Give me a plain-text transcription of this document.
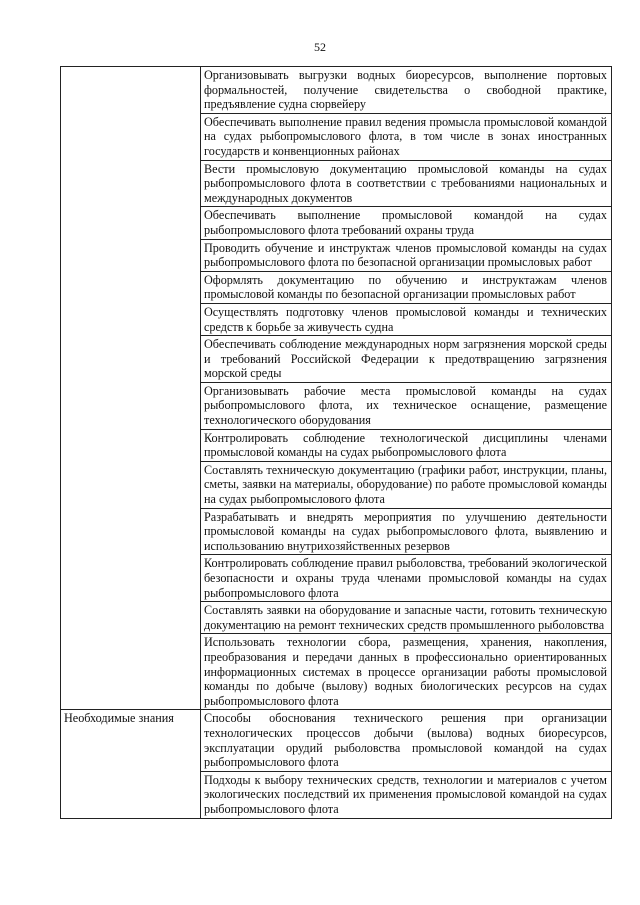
52
	Организовывать выгрузки водных биоресурсов, выполнение портовых формальностей, получение свидетельства о свободной практике, предъявление судна сюрвейеру
	Обеспечивать выполнение правил ведения промысла промысловой командой на судах рыбопромыслового флота, в том числе в зонах иностранных государств и конвенционных районах
	Вести промысловую документацию промысловой команды на судах рыбопромыслового флота в соответствии с требованиями национальных и международных документов
	Обеспечивать выполнение промысловой командой на судах рыбопромыслового флота требований охраны труда
	Проводить обучение и инструктаж членов промысловой команды на судах рыбопромыслового флота по безопасной организации промысловых работ
	Оформлять документацию по обучению и инструктажам членов промысловой команды по безопасной организации промысловых работ
	Осуществлять подготовку членов промысловой команды и технических средств к борьбе за живучесть судна
	Обеспечивать соблюдение международных норм загрязнения морской среды и требований Российской Федерации к предотвращению загрязнения морской среды
	Организовывать рабочие места промысловой команды на судах рыбопромыслового флота, их техническое оснащение, размещение технологического оборудования
	Контролировать соблюдение технологической дисциплины членами промысловой команды на судах рыбопромыслового флота
	Составлять техническую документацию (графики работ, инструкции, планы, сметы, заявки на материалы, оборудование) по работе промысловой команды на судах рыбопромыслового флота
	Разрабатывать и внедрять мероприятия по улучшению деятельности промысловой команды на судах рыбопромыслового флота, выявлению и использованию внутрихозяйственных резервов
	Контролировать соблюдение правил рыболовства, требований экологической безопасности и охраны труда членами промысловой команды на судах рыбопромыслового флота
	Составлять заявки на оборудование и запасные части, готовить техническую документацию на ремонт технических средств промышленного рыболовства
	Использовать технологии сбора, размещения, хранения, накопления, преобразования и передачи данных в профессионально ориентированных информационных системах в процессе организации работы промысловой команды по добыче (вылову) водных биологических ресурсов на судах рыбопромыслового флота
Необходимые знания	Способы обоснования технического решения при организации технологических процессов добычи (вылова) водных биоресурсов, эксплуатации орудий рыболовства промысловой командой на судах рыбопромыслового флота
	Подходы к выбору технических средств, технологии и материалов с учетом экологических последствий их применения промысловой командой на судах рыбопромыслового флота
